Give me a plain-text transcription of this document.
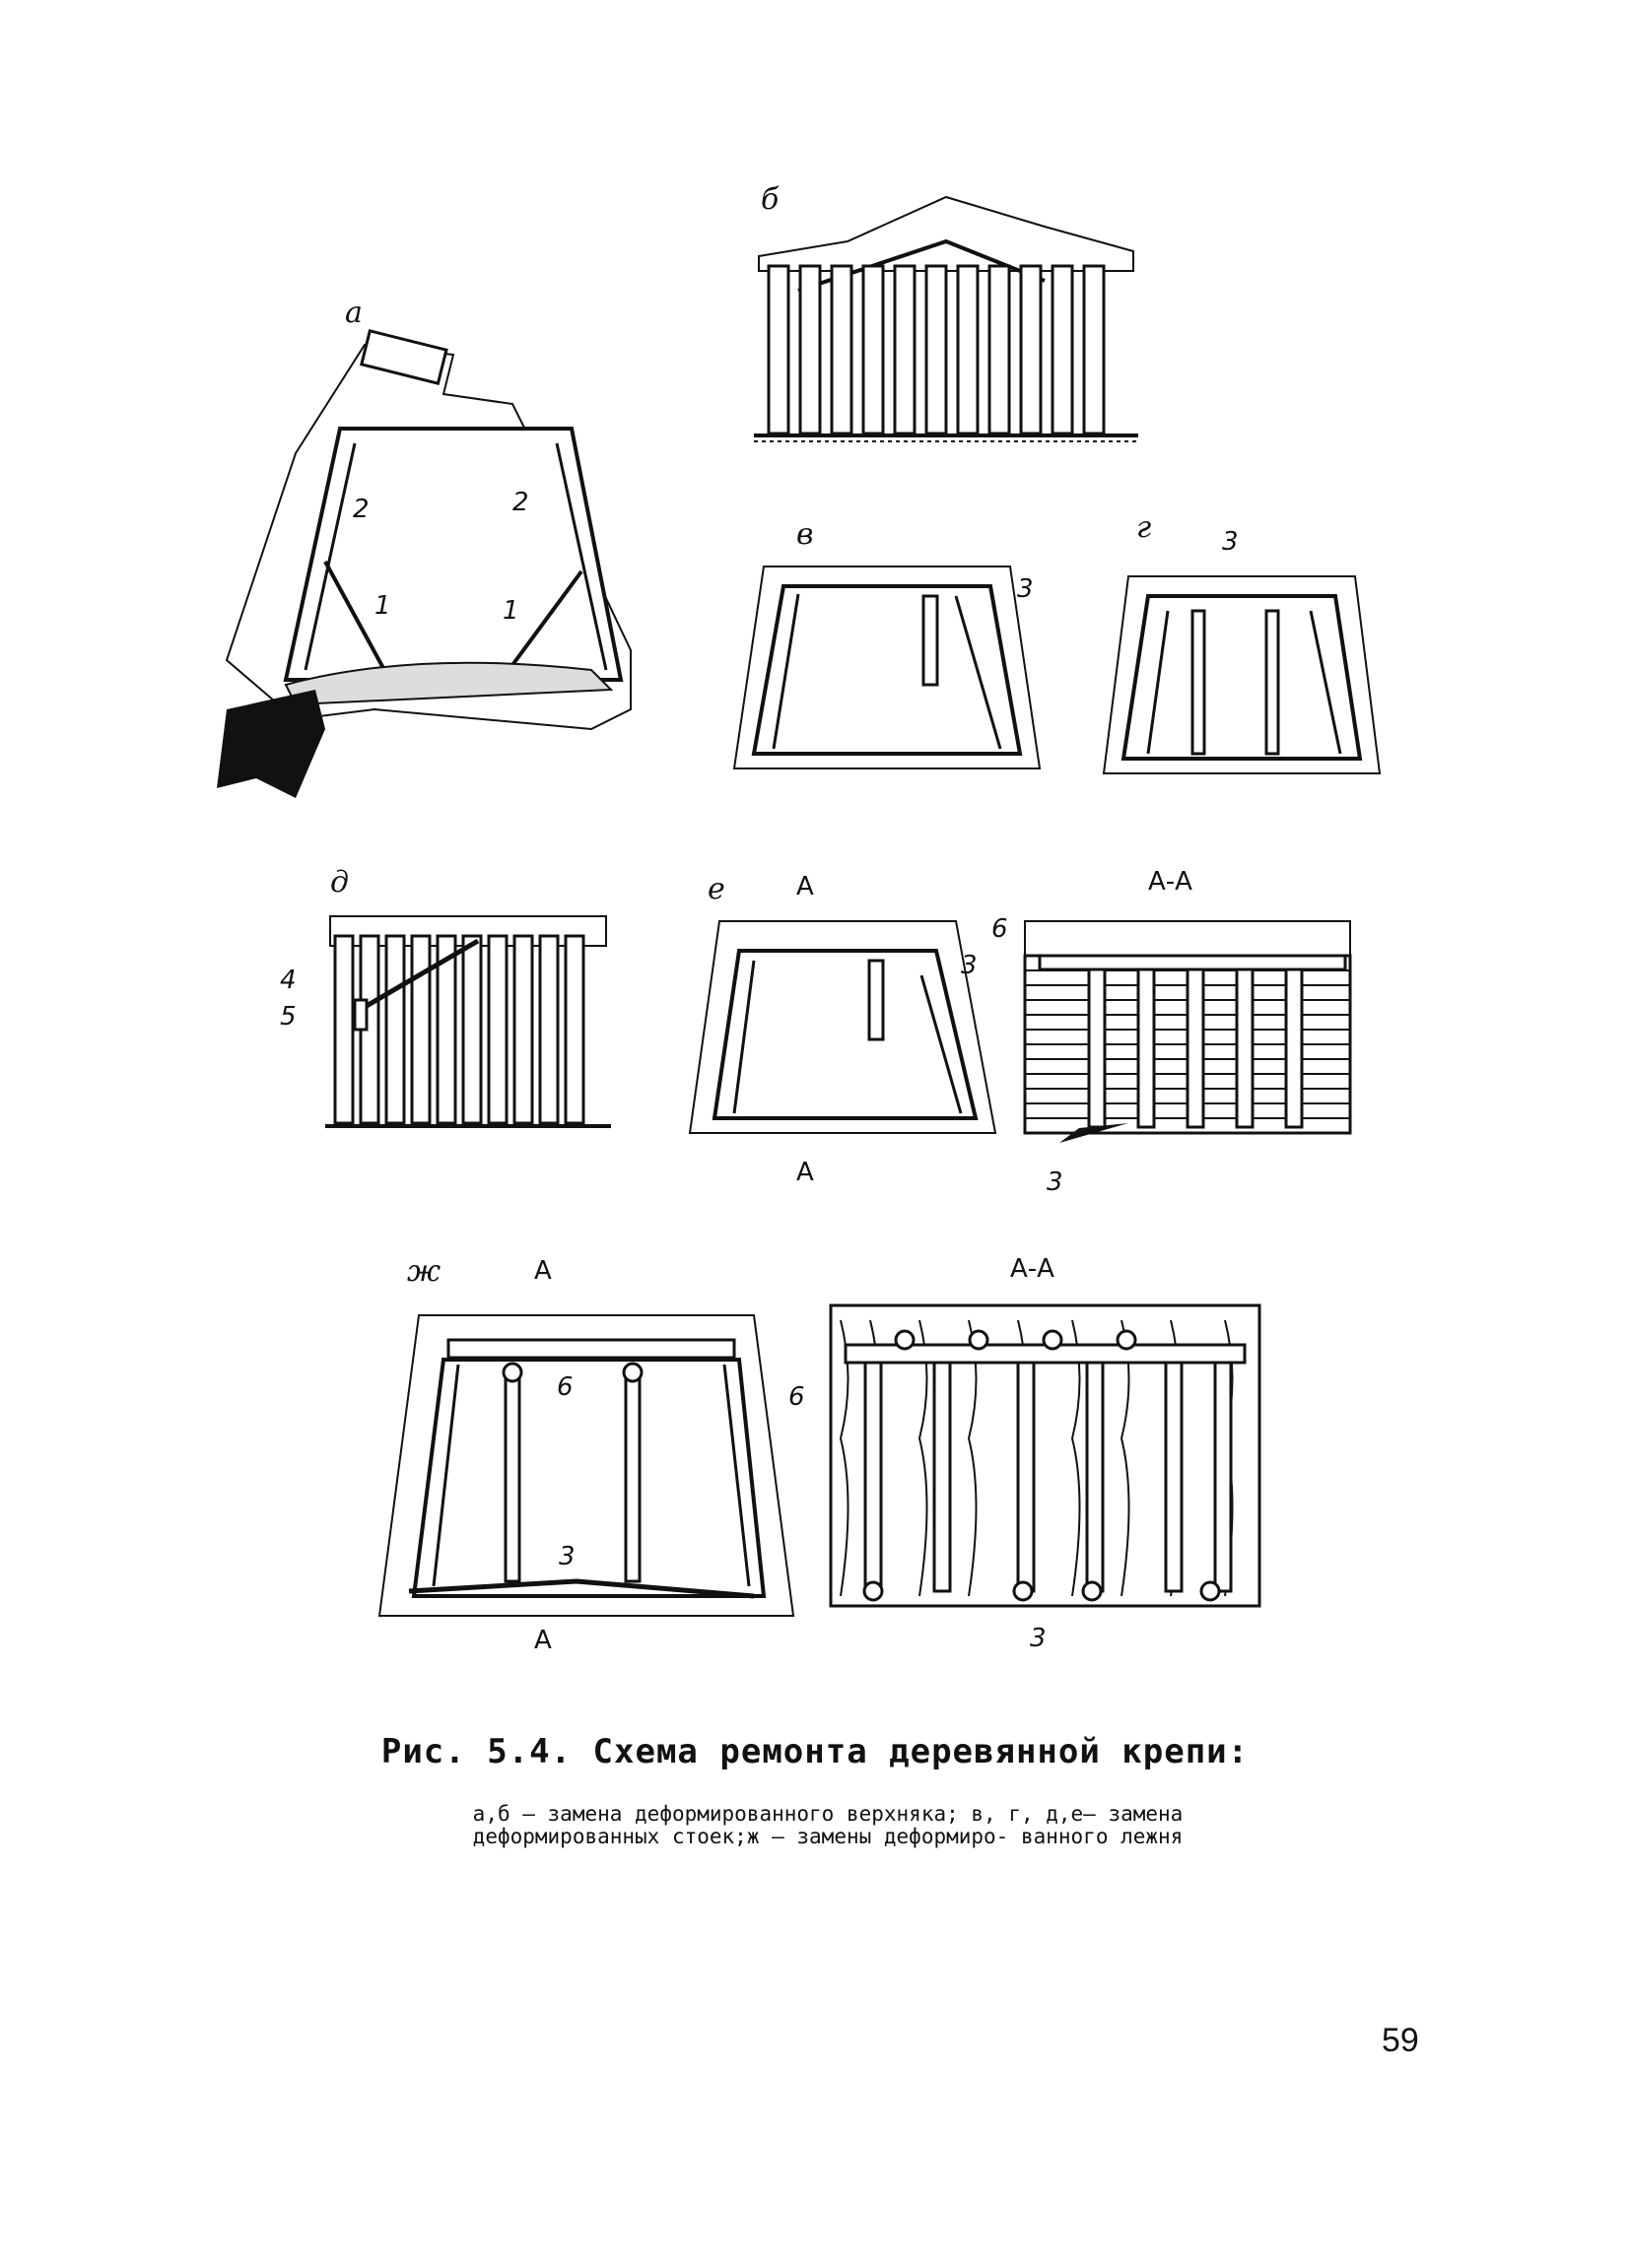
а
2	2
1	1
б
в
3
г	3
д
4
5
е	А
3
А
А-А
6
3
ж	А
6
3
А
А-А
6
3
Рис. 5.4. Схема ремонта деревянной крепи:
а,б – замена деформированного верхняка; в, г, д,е– замена деформированных стоек;ж – замены деформиро- ванного лежня
59
